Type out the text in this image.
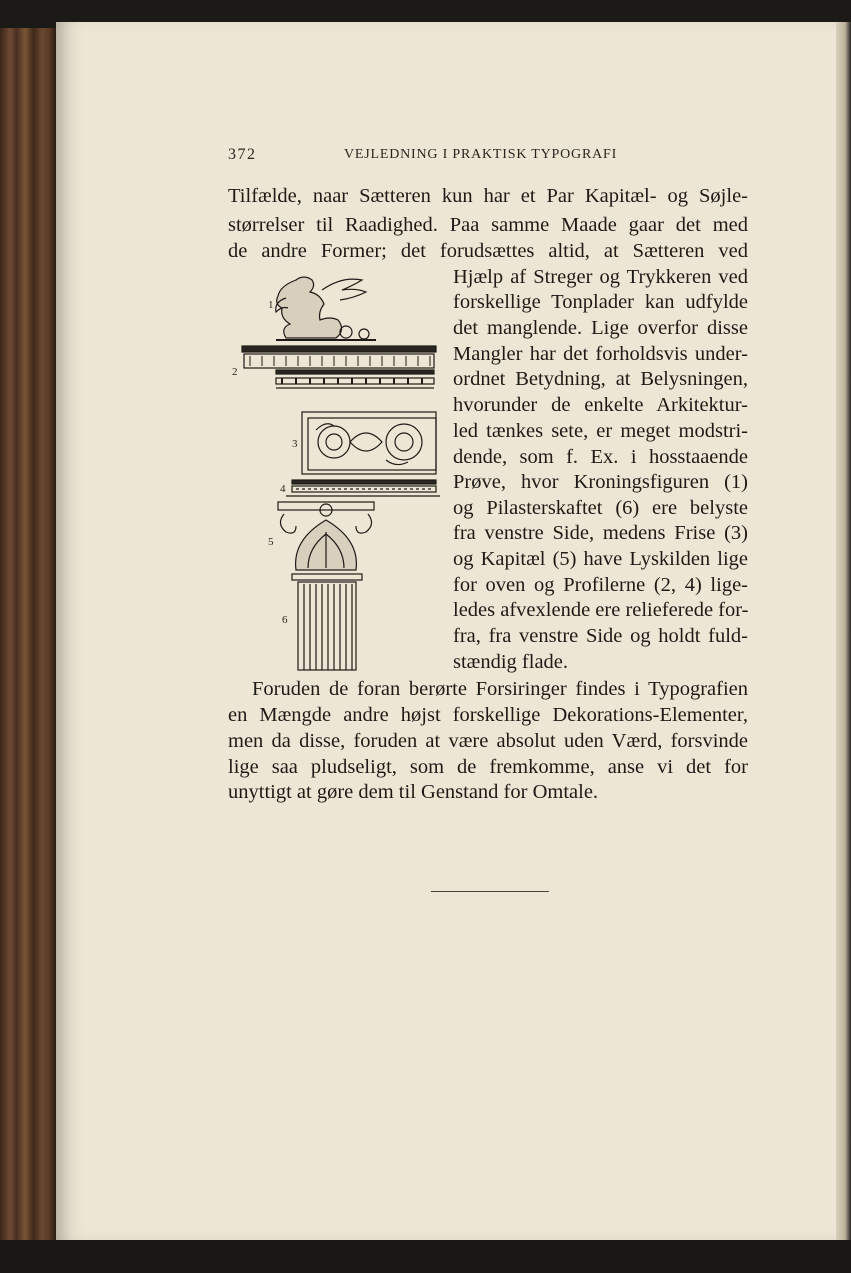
372	VEJLEDNING I PRAKTISK TYPOGRAFI
Tilfælde, naar Sætteren kun har et Par Kapitæl- og Søjle-
størrelser til Raadighed. Paa samme Maade gaar det med
de andre Former; det forudsættes altid, at Sætteren ved
Hjælp af Streger og Trykkeren ved
forskellige Tonplader kan udfylde
det manglende. Lige overfor disse
Mangler har det forholdsvis under-
ordnet Betydning, at Belysningen,
hvorunder de enkelte Arkitektur-
led tænkes sete, er meget modstri-
dende, som f. Ex. i hosstaaende
Prøve, hvor Kroningsfiguren (1)
og Pilasterskaftet (6) ere belyste
fra venstre Side, medens Frise (3)
og Kapitæl (5) have Lyskilden lige
for oven og Profilerne (2, 4) lige-
ledes afvexlende ere relieferede for-
fra, fra venstre Side og holdt fuld-
stændig flade.
Foruden de foran berørte Forsiringer findes i Typografien
en Mængde andre højst forskellige Dekorations-Elementer,
men da disse, foruden at være absolut uden Værd, forsvinde
lige saa pludseligt, som de fremkomme, anse vi det for
unyttigt at gøre dem til Genstand for Omtale.
1
2
3
4
5
6
